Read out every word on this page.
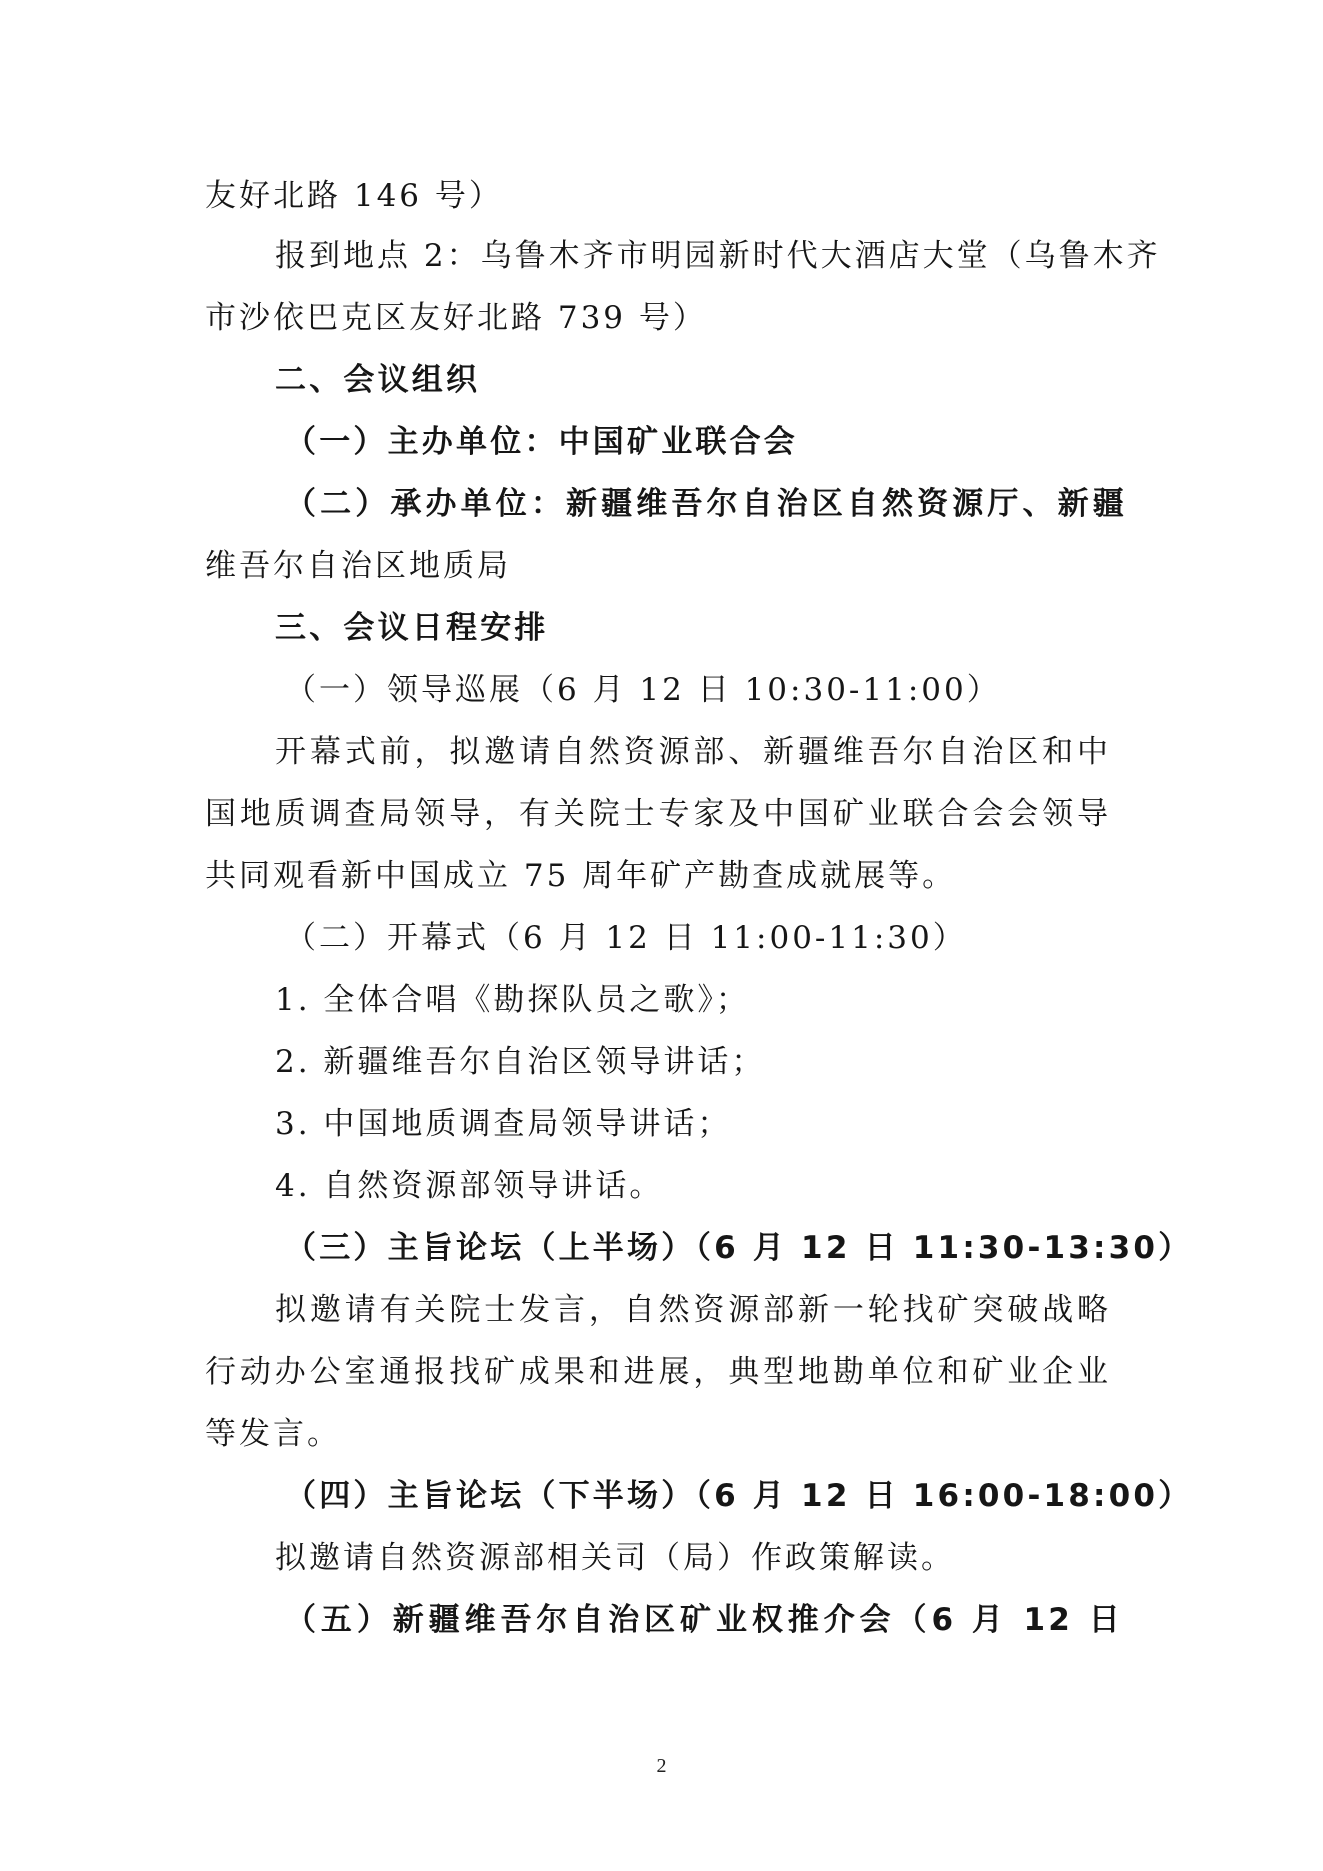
友好北路 146 号）
报到地点 2：乌鲁木齐市明园新时代大酒店大堂（乌鲁木齐
市沙依巴克区友好北路 739 号）
二、会议组织
（一）主办单位：中国矿业联合会
（二）承办单位：新疆维吾尔自治区自然资源厅、新疆
维吾尔自治区地质局
三、会议日程安排
（一）领导巡展（6 月 12 日 10:30-11:00）
开幕式前，拟邀请自然资源部、新疆维吾尔自治区和中
国地质调查局领导，有关院士专家及中国矿业联合会会领导
共同观看新中国成立 75 周年矿产勘查成就展等。
（二）开幕式（6 月 12 日 11:00-11:30）
1. 全体合唱《勘探队员之歌》；
2. 新疆维吾尔自治区领导讲话；
3. 中国地质调查局领导讲话；
4. 自然资源部领导讲话。
（三）主旨论坛（上半场）（6 月 12 日 11:30-13:30）
拟邀请有关院士发言，自然资源部新一轮找矿突破战略
行动办公室通报找矿成果和进展，典型地勘单位和矿业企业
等发言。
（四）主旨论坛（下半场）（6 月 12 日 16:00-18:00）
拟邀请自然资源部相关司（局）作政策解读。
（五）新疆维吾尔自治区矿业权推介会（6 月 12 日
2
